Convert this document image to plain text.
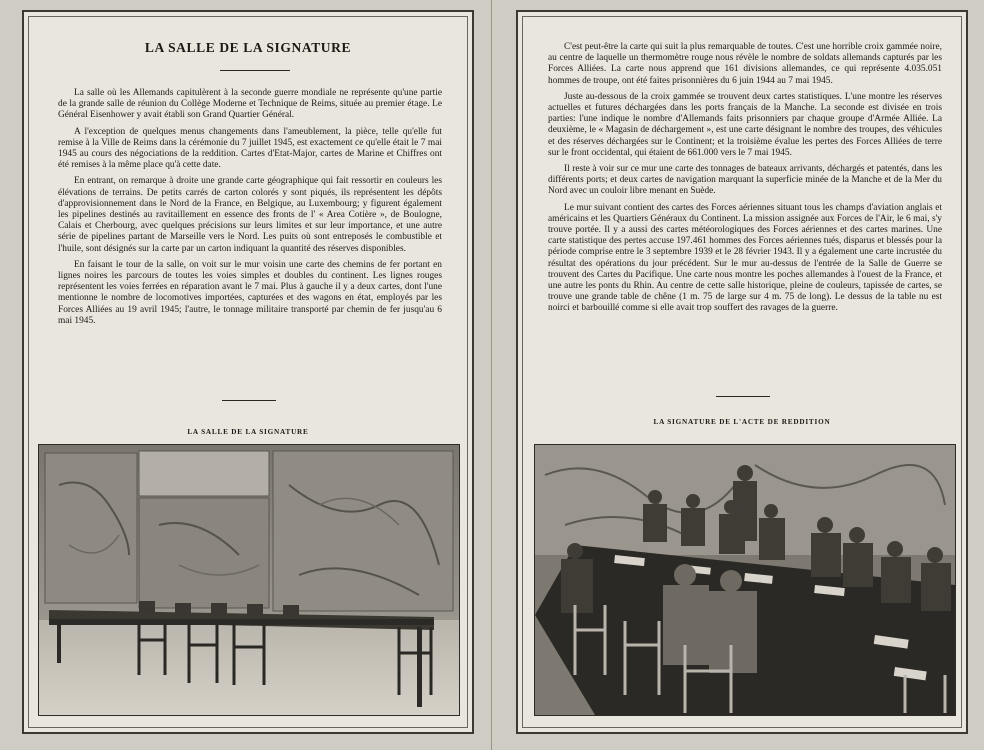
LA SALLE DE LA SIGNATURE

La salle où les Allemands capitulèrent à la seconde guerre mondiale ne représente qu'une partie de la grande salle de réunion du Collège Moderne et Technique de Reims, située au premier étage. Le Général Eisenhower y avait établi son Grand Quartier Général.

A l'exception de quelques menus changements dans l'ameublement, la pièce, telle qu'elle fut remise à la Ville de Reims dans la cérémonie du 7 juillet 1945, est exactement ce qu'elle était le 7 mai 1945 au cours des négociations de la reddition. Cartes d'Etat-Major, cartes de Marine et Chiffres ont été remises à la même place qu'à cette date.

En entrant, on remarque à droite une grande carte géographique qui fait ressortir en couleurs les élévations de terrains. De petits carrés de carton colorés y sont piqués, ils représentent les dépôts d'approvisionnement dans le Nord de la France, en Belgique, au Luxembourg; y figurent également les pipelines destinés au ravitaillement en essence des fronts de l' « Area Cotière », de Boulogne, Calais et Cherbourg, avec quelques précisions sur leurs limites et sur leur importance, et une autre série de pipelines partant de Marseille vers le Nord. Les puits où sont entreposés le combustible et l'huile, sont désignés sur la carte par un carton indiquant la quantité des réserves disponibles.

En faisant le tour de la salle, on voit sur le mur voisin une carte des chemins de fer portant en lignes noires les parcours de toutes les voies simples et doubles du continent. Les lignes rouges représentent les voies ferrées en réparation avant le 7 mai. Plus à gauche il y a deux cartes, dont l'une mentionne le nombre de locomotives importées, capturées et des wagons en état, employés par les Forces Alliées au 19 avril 1945; l'autre, le tonnage militaire transporté par chemin de fer jusqu'au 6 mai 1945.

LA SALLE DE LA SIGNATURE

C'est peut-être la carte qui suit la plus remarquable de toutes. C'est une horrible croix gammée noire, au centre de laquelle un thermomètre rouge nous révèle le nombre de soldats allemands capturés par les Forces Alliées. La carte nous apprend que 161 divisions allemandes, ce qui représente 4.035.051 hommes de troupe, ont été faites prisonnières du 6 juin 1944 au 7 mai 1945.

Juste au-dessous de la croix gammée se trouvent deux cartes statistiques. L'une montre les réserves actuelles et futures déchargées dans les ports français de la Manche. La seconde est divisée en trois parties: l'une indique le nombre d'Allemands faits prisonniers par chaque groupe d'Armée Alliée. La deuxième, le « Magasin de déchargement », est une carte désignant le nombre des troupes, des véhicules et des réserves déchargées sur le Continent; et la troisième évalue les pertes des Forces Alliées de terre sur le front occidental, qui étaient de 661.000 vers le 7 mai 1945.

Il reste à voir sur ce mur une carte des tonnages de bateaux arrivants, déchargés et patentés, dans les différents ports; et deux cartes de navigation marquant la superficie minée de la Manche et de la Mer du Nord avec un couloir libre menant en Suède.

Le mur suivant contient des cartes des Forces aériennes situant tous les champs d'aviation anglais et américains et les Quartiers Généraux du Continent. La mission assignée aux Forces de l'Air, le 6 mai, s'y trouve portée. Il y a aussi des cartes météorologiques des Forces aériennes et des cartes marines. Une carte statistique des pertes accuse 197.461 hommes des Forces aériennes tués, disparus et blessés pour la période comprise entre le 3 septembre 1939 et le 28 février 1943. Il y a également une carte incrustée du résultat des opérations du jour précédent. Sur le mur au-dessus de l'entrée de la Salle de Guerre se trouvent des Cartes du Pacifique. Une carte nous montre les poches allemandes à l'ouest de la France, et une autre les ponts du Rhin. Au centre de cette salle historique, pleine de couleurs, tapissée de cartes, se trouve une grande table de chêne (1 m. 75 de large sur 4 m. 75 de long). Le dessus de la table nu est noirci et barbouillé comme si elle avait trop souffert des ravages de la guerre.

LA SIGNATURE DE L'ACTE DE REDDITION
